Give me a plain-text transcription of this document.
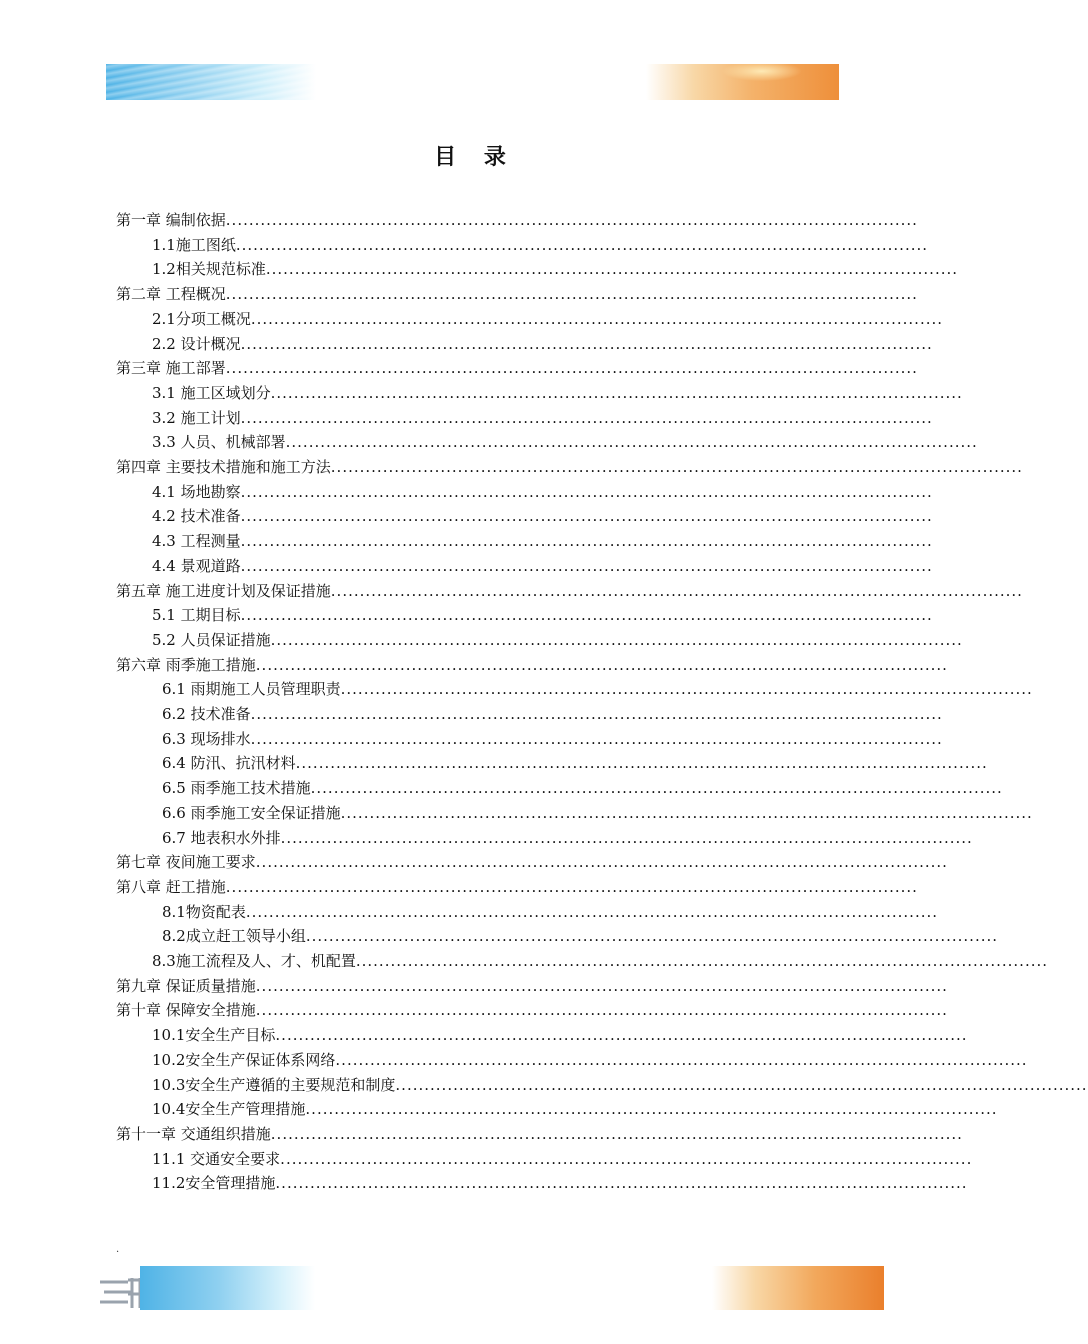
目 录
第一章 编制依据........................................................................................................................
1.1施工图纸........................................................................................................................
1.2相关规范标准........................................................................................................................
第二章 工程概况........................................................................................................................
2.1分项工概况........................................................................................................................
2.2 设计概况........................................................................................................................
第三章 施工部署........................................................................................................................
3.1 施工区域划分........................................................................................................................
3.2 施工计划........................................................................................................................
3.3 人员、机械部署........................................................................................................................
第四章 主要技术措施和施工方法........................................................................................................................
4.1 场地勘察........................................................................................................................
4.2 技术准备........................................................................................................................
4.3 工程测量........................................................................................................................
4.4 景观道路........................................................................................................................
第五章 施工进度计划及保证措施........................................................................................................................
5.1 工期目标........................................................................................................................
5.2 人员保证措施........................................................................................................................
第六章 雨季施工措施........................................................................................................................
6.1 雨期施工人员管理职责........................................................................................................................
6.2 技术准备........................................................................................................................
6.3 现场排水........................................................................................................................
6.4 防汛、抗汛材料........................................................................................................................
6.5 雨季施工技术措施........................................................................................................................
6.6 雨季施工安全保证措施........................................................................................................................
6.7 地表积水外排........................................................................................................................
第七章 夜间施工要求........................................................................................................................
第八章 赶工措施........................................................................................................................
8.1物资配表........................................................................................................................
8.2成立赶工领导小组........................................................................................................................
8.3施工流程及人、才、机配置........................................................................................................................
第九章 保证质量措施........................................................................................................................
第十章 保障安全措施........................................................................................................................
10.1安全生产目标........................................................................................................................
10.2安全生产保证体系网络........................................................................................................................
10.3安全生产遵循的主要规范和制度........................................................................................................................
10.4安全生产管理措施........................................................................................................................
第十一章 交通组织措施........................................................................................................................
11.1 交通安全要求........................................................................................................................
11.2安全管理措施........................................................................................................................
.
